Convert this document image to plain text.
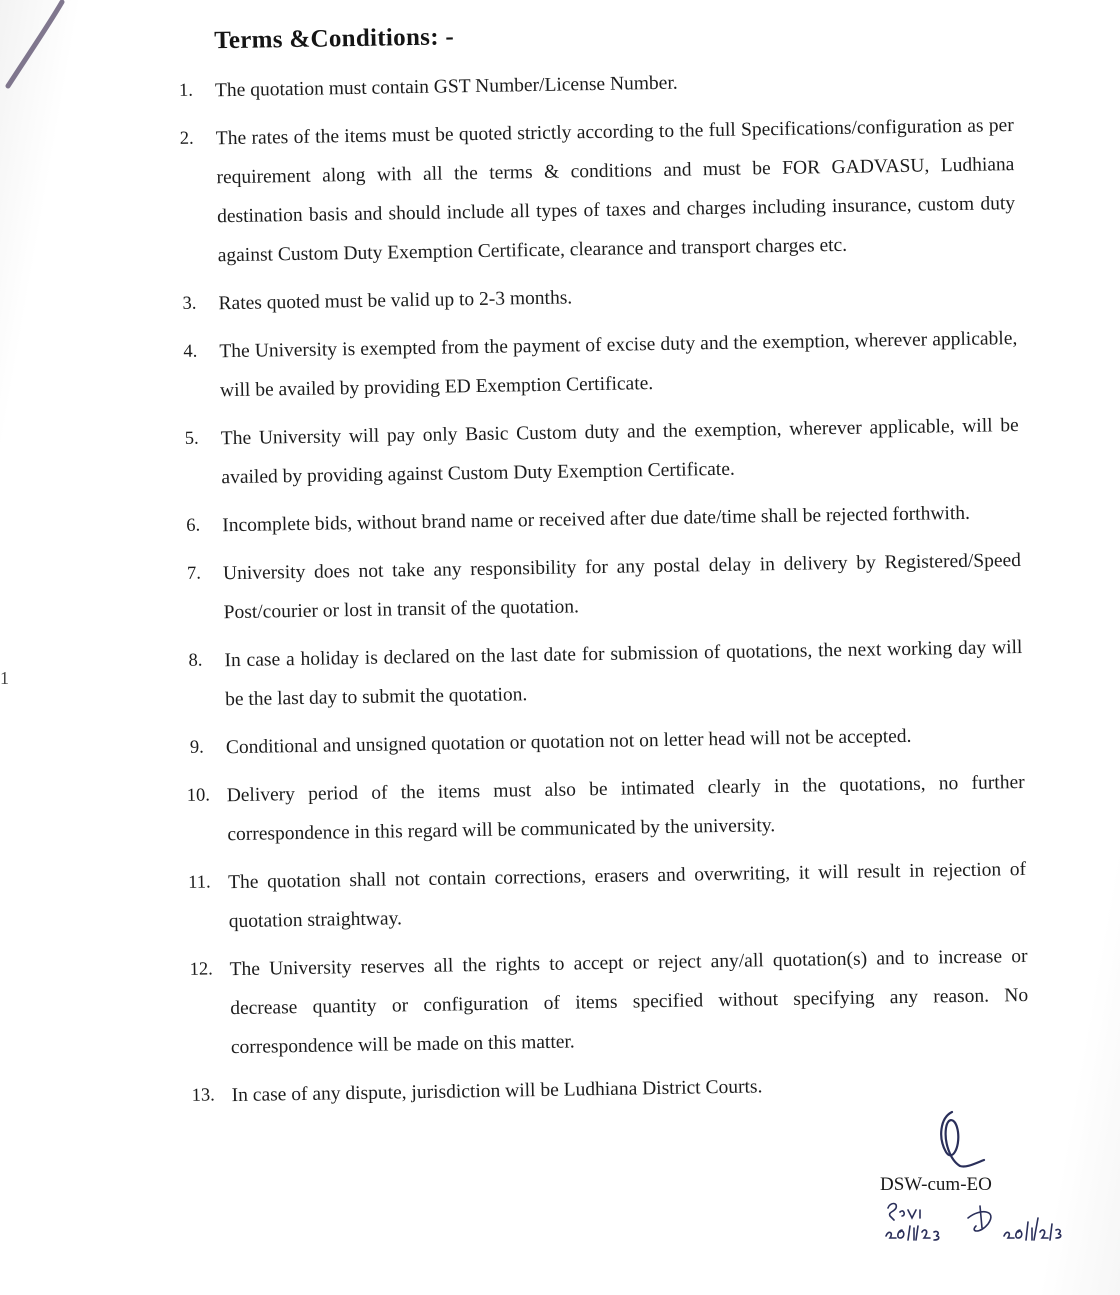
1
Terms &Conditions: -
1. The quotation must contain GST Number/License Number.
2. The rates of the items must be quoted strictly according to the full Specifications/configuration as per requirement along with all the terms & conditions and must be FOR GADVASU, Ludhiana destination basis and should include all types of taxes and charges including insurance, custom duty against Custom Duty Exemption Certificate, clearance and transport charges etc.
3. Rates quoted must be valid up to 2-3 months.
4. The University is exempted from the payment of excise duty and the exemption, wherever applicable, will be availed by providing ED Exemption Certificate.
5. The University will pay only Basic Custom duty and the exemption, wherever applicable, will be availed by providing against Custom Duty Exemption Certificate.
6. Incomplete bids, without brand name or received after due date/time shall be rejected forthwith.
7. University does not take any responsibility for any postal delay in delivery by Registered/Speed Post/courier or lost in transit of the quotation.
8. In case a holiday is declared on the last date for submission of quotations, the next working day will be the last day to submit the quotation.
9. Conditional and unsigned quotation or quotation not on letter head will not be accepted.
10. Delivery period of the items must also be intimated clearly in the quotations, no further correspondence in this regard will be communicated by the university.
11. The quotation shall not contain corrections, erasers and overwriting, it will result in rejection of quotation straightway.
12. The University reserves all the rights to accept or reject any/all quotation(s) and to increase or decrease quantity or configuration of items specified without specifying any reason. No correspondence will be made on this matter.
13. In case of any dispute, jurisdiction will be Ludhiana District Courts.
DSW-cum-EO
